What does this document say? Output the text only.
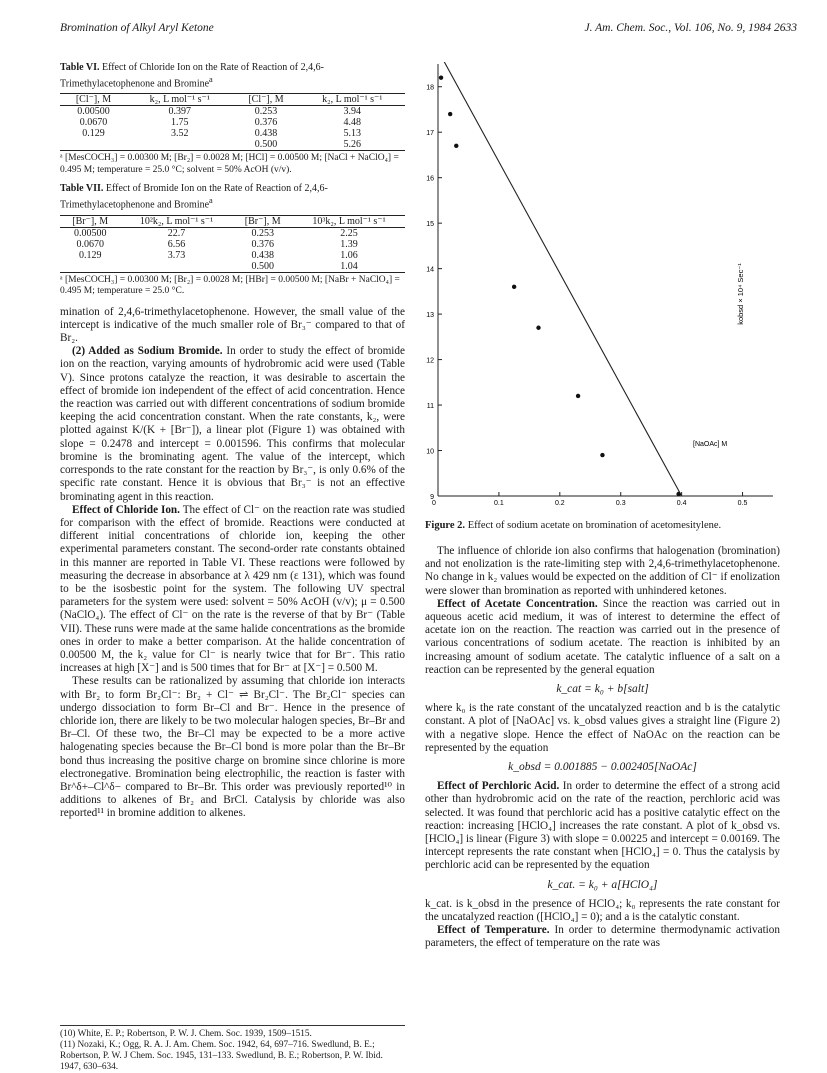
Bromination of Alkyl Aryl Ketone	J. Am. Chem. Soc., Vol. 106, No. 9, 1984 2633
Table VI. Effect of Chloride Ion on the Rate of Reaction of 2,4,6-Trimethylacetophenone and Bromine$^a$
[Cl⁻], M	k₂, L mol⁻¹ s⁻¹	[Cl⁻], M	k₂, L mol⁻¹ s⁻¹
0.00500	0.397	0.253	3.94
0.0670	1.75	0.376	4.48
0.129	3.52	0.438	5.13
		0.500	5.26

ᵃ [MesCOCH₃] = 0.00300 M; [Br₂] = 0.0028 M; [HCl] = 0.00500 M; [NaCl + NaClO₄] = 0.495 M; temperature = 25.0 °C; solvent = 50% AcOH (v/v).
Table VII. Effect of Bromide Ion on the Rate of Reaction of 2,4,6-Trimethylacetophenone and Bromine$^a$
[Br⁻], M	10²k₂, L mol⁻¹ s⁻¹	[Br⁻], M	10³k₂, L mol⁻¹ s⁻¹
0.00500	22.7	0.253	2.25
0.0670	6.56	0.376	1.39
0.129	3.73	0.438	1.06
		0.500	1.04

ᵃ [MesCOCH₃] = 0.00300 M; [Br₂] = 0.0028 M; [HBr] = 0.00500 M; [NaBr + NaClO₄] = 0.495 M; temperature = 25.0 °C.

mination of 2,4,6-trimethylacetophenone. However, the small value of the intercept is indicative of the much smaller role of Br₃⁻ compared to that of Br₂.

(2) Added as Sodium Bromide. In order to study the effect of bromide ion on the reaction, varying amounts of hydrobromic acid were used (Table V). Since protons catalyze the reaction, it was desirable to ascertain the effect of bromide ion independent of the effect of acid concentration. Hence the reaction was carried out with different concentrations of sodium bromide keeping the acid concentration constant. When the rate constants, k₂, were plotted against K/(K + [Br⁻]), a linear plot (Figure 1) was obtained with slope = 0.2478 and intercept = 0.001596. This confirms that molecular bromine is the brominating agent. The value of the intercept, which corresponds to the rate constant for the reaction by Br₃⁻, is only 0.6% of the specific rate constant. Hence it is obvious that Br₃⁻ is not an effective brominating agent in this reaction.

Effect of Chloride Ion. The effect of Cl⁻ on the reaction rate was studied for comparison with the effect of bromide. Reactions were conducted at different initial concentrations of chloride ion, keeping the other experimental parameters constant. The second-order rate constants obtained in this manner are reported in Table VI. These reactions were followed by measuring the decrease in absorbance at λ 429 nm (ε 131), which was found to be the isosbestic point for the system. The following UV spectral parameters for the system were used: solvent = 50% AcOH (v/v); μ = 0.500 (NaClO₄). The effect of Cl⁻ on the rate is the reverse of that by Br⁻ (Table VII). These runs were made at the same halide concentrations as the bromide ones in order to make a better comparison. At the halide concentration of 0.00500 M, the k₂ value for Cl⁻ is nearly twice that for Br⁻. This ratio increases at high [X⁻] and is 500 times that for Br⁻ at [X⁻] = 0.500 M.

These results can be rationalized by assuming that chloride ion interacts with Br₂ to form Br₂Cl⁻: Br₂ + Cl⁻ ⇌ Br₂Cl⁻. The Br₂Cl⁻ species can undergo dissociation to form Br–Cl and Br⁻. Hence in the presence of chloride ion, there are likely to be two molecular halogen species, Br–Br and Br–Cl. Of these two, the Br–Cl may be expected to be a more active halogenating species because the Br–Cl bond is more polar than the Br–Br bond thus increasing the positive charge on bromine since chlorine is more electronegative. Bromination being electrophilic, the reaction is faster with Br^δ+–Cl^δ− compared to Br–Br. This order was previously reported¹⁰ in additions to alkenes of Br₂ and BrCl. Catalysis by chloride was also reported¹¹ in bromine addition to alkenes.

(10) White, E. P.; Robertson, P. W. J. Chem. Soc. 1939, 1509–1515.
(11) Nozaki, K.; Ogg, R. A. J. Am. Chem. Soc. 1942, 64, 697–716. Swedlund, B. E.; Robertson, P. W. J Chem. Soc. 1945, 131–133. Swedlund, B. E.; Robertson, P. W. Ibid. 1947, 630–634.
18
17
16
15
14
13
12
11
10
9
0	0.1	0.2	0.3	0.4	0.5
kobsd × 10⁴ Sec⁻¹
[NaOAc] M
Figure 2. Effect of sodium acetate on bromination of acetomesitylene.

The influence of chloride ion also confirms that halogenation (bromination) and not enolization is the rate-limiting step with 2,4,6-trimethylacetophenone. No change in k₂ values would be expected on the addition of Cl⁻ if enolization were slower than bromination as reported with unhindered ketones.

Effect of Acetate Concentration. Since the reaction was carried out in aqueous acetic acid medium, it was of interest to determine the effect of acetate ion on the reaction. The reaction was carried out in the presence of various concentrations of sodium acetate. The reaction is inhibited by an increasing amount of sodium acetate. The catalytic influence of a salt on a reaction can be represented by the general equation

k_cat = k₀ + b[salt]

where k₀ is the rate constant of the uncatalyzed reaction and b is the catalytic constant. A plot of [NaOAc] vs. k_obsd values gives a straight line (Figure 2) with a negative slope. Hence the effect of NaOAc on the reaction can be represented by the equation

k_obsd = 0.001885 − 0.002405[NaOAc]

Effect of Perchloric Acid. In order to determine the effect of a strong acid other than hydrobromic acid on the rate of the reaction, perchloric acid was selected. It was found that perchloric acid has a positive catalytic effect on the reaction: increasing [HClO₄] increases the rate constant. A plot of k_obsd vs. [HClO₄] is linear (Figure 3) with slope = 0.00225 and intercept = 0.00169. The intercept represents the rate constant when [HClO₄] = 0. Thus the catalysis by perchloric acid can be represented by the equation

k_cat. = k₀ + a[HClO₄]

k_cat. is k_obsd in the presence of HClO₄; k₀ represents the rate constant for the uncatalyzed reaction ([HClO₄] = 0); and a is the catalytic constant.

Effect of Temperature. In order to determine thermodynamic activation parameters, the effect of temperature on the rate was
